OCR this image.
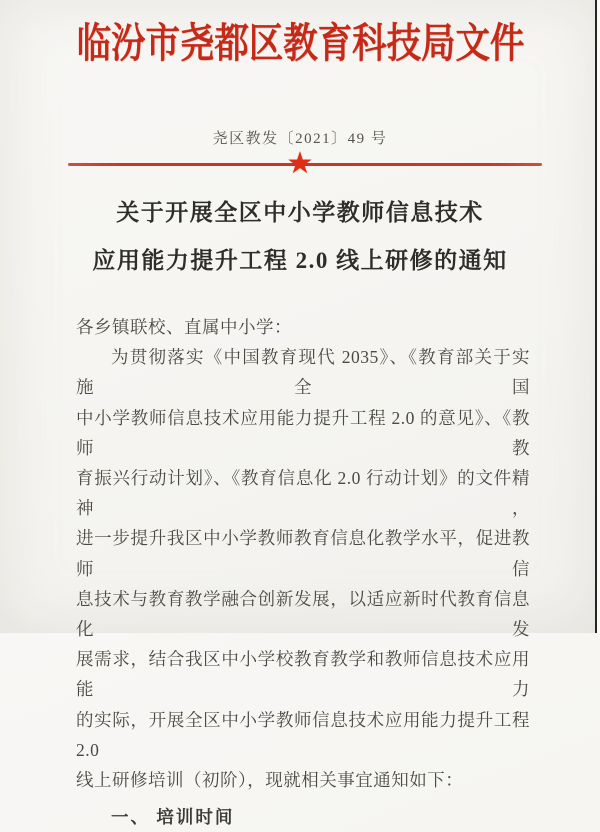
临汾市尧都区教育科技局文件
尧区教发〔2021〕49 号
★
关于开展全区中小学教师信息技术
应用能力提升工程 2.0 线上研修的通知
各乡镇联校、直属中小学：
为贯彻落实《中国教育现代 2035》、《教育部关于实施全国
中小学教师信息技术应用能力提升工程 2.0 的意见》、《教师教
育振兴行动计划》、《教育信息化 2.0 行动计划》的文件精神，
进一步提升我区中小学教师教育信息化教学水平，促进教师信
息技术与教育教学融合创新发展，以适应新时代教育信息化发
展需求，结合我区中小学校教育教学和教师信息技术应用能力
的实际，开展全区中小学教师信息技术应用能力提升工程 2.0
线上研修培训（初阶），现就相关事宜通知如下：
一、 培训时间
